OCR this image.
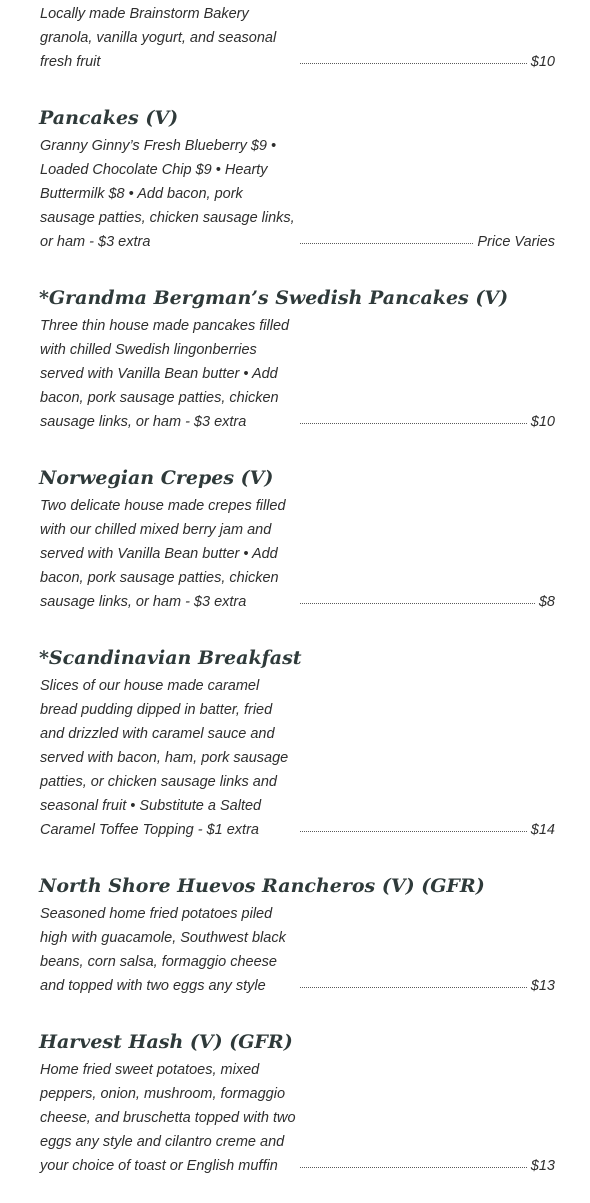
Locally made Brainstorm Bakery granola, vanilla yogurt, and seasonal fresh fruit	$10
Pancakes (V)
Granny Ginny’s Fresh Blueberry $9 • Loaded Chocolate Chip $9 • Hearty Buttermilk $8 • Add bacon, pork sausage patties, chicken sausage links, or ham - $3 extra	Price Varies
*Grandma Bergman’s Swedish Pancakes (V)
Three thin house made pancakes filled with chilled Swedish lingonberries served with Vanilla Bean butter • Add bacon, pork sausage patties, chicken sausage links, or ham - $3 extra	$10
Norwegian Crepes (V)
Two delicate house made crepes filled with our chilled mixed berry jam and served with Vanilla Bean butter • Add bacon, pork sausage patties, chicken sausage links, or ham - $3 extra	$8
*Scandinavian Breakfast
Slices of our house made caramel bread pudding dipped in batter, fried and drizzled with caramel sauce and served with bacon, ham, pork sausage patties, or chicken sausage links and seasonal fruit • Substitute a Salted Caramel Toffee Topping - $1 extra	$14
North Shore Huevos Rancheros (V) (GFR)
Seasoned home fried potatoes piled high with guacamole, Southwest black beans, corn salsa, formaggio cheese and topped with two eggs any style	$13
Harvest Hash (V) (GFR)
Home fried sweet potatoes, mixed peppers, onion, mushroom, formaggio cheese, and bruschetta topped with two eggs any style and cilantro creme and your choice of toast or English muffin	$13
